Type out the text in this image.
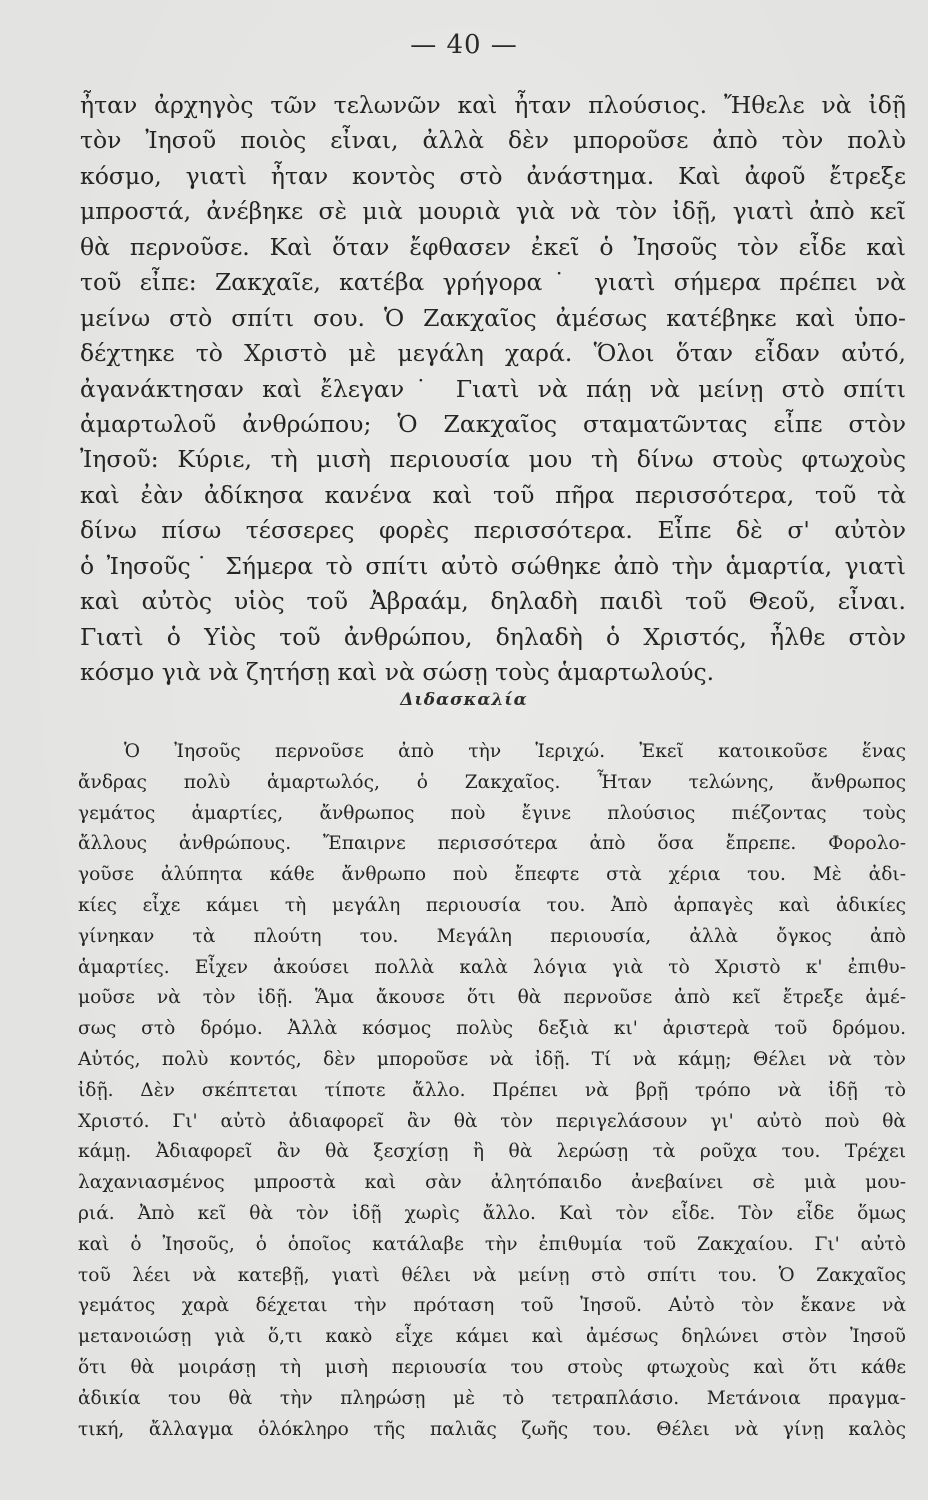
— 40 —
ἦταν ἀρχηγὸς τῶν τελωνῶν καὶ ἦταν πλούσιος. Ἤθελε νὰ ἰδῇ
τὸν Ἰησοῦ ποιὸς εἶναι, ἀλλὰ δὲν μποροῦσε ἀπὸ τὸν πολὺ
κόσμο, γιατὶ ἦταν κοντὸς στὸ ἀνάστημα. Καὶ ἀφοῦ ἔτρεξε
μπροστά, ἀνέβηκε σὲ μιὰ μουριὰ γιὰ νὰ τὸν ἰδῇ, γιατὶ ἀπὸ κεῖ
θὰ περνοῦσε. Καὶ ὅταν ἔφθασεν ἐκεῖ ὁ Ἰησοῦς τὸν εἶδε καὶ
τοῦ εἶπε: Ζακχαῖε, κατέβα γρήγορα˙ γιατὶ σήμερα πρέπει νὰ
μείνω στὸ σπίτι σου. Ὁ Ζακχαῖος ἀμέσως κατέβηκε καὶ ὑπο-
δέχτηκε τὸ Χριστὸ μὲ μεγάλη χαρά. Ὅλοι ὅταν εἶδαν αὐτό,
ἀγανάκτησαν καὶ ἔλεγαν˙ Γιατὶ νὰ πάῃ νὰ μείνῃ στὸ σπίτι
ἁμαρτωλοῦ ἀνθρώπου; Ὁ Ζακχαῖος σταματῶντας εἶπε στὸν
Ἰησοῦ: Κύριε, τὴ μισὴ περιουσία μου τὴ δίνω στοὺς φτωχοὺς
καὶ ἐὰν ἀδίκησα κανένα καὶ τοῦ πῆρα περισσότερα, τοῦ τὰ
δίνω πίσω τέσσερες φορὲς περισσότερα. Εἶπε δὲ σ' αὐτὸν
ὁ Ἰησοῦς˙ Σήμερα τὸ σπίτι αὐτὸ σώθηκε ἀπὸ τὴν ἁμαρτία, γιατὶ
καὶ αὐτὸς υἱὸς τοῦ Ἀβραάμ, δηλαδὴ παιδὶ τοῦ Θεοῦ, εἶναι.
Γιατὶ ὁ Υἱὸς τοῦ ἀνθρώπου, δηλαδὴ ὁ Χριστός, ἦλθε στὸν
κόσμο γιὰ νὰ ζητήσῃ καὶ νὰ σώσῃ τοὺς ἁμαρτωλούς.
Διδασκαλία
Ὁ Ἰησοῦς περνοῦσε ἀπὸ τὴν Ἱεριχώ. Ἐκεῖ κατοικοῦσε ἕνας
ἄνδρας πολὺ ἁμαρτωλός, ὁ Ζακχαῖος. Ἦταν τελώνης, ἄνθρωπος
γεμάτος ἁμαρτίες, ἄνθρωπος ποὺ ἔγινε πλούσιος πιέζοντας τοὺς
ἄλλους ἀνθρώπους. Ἔπαιρνε περισσότερα ἀπὸ ὅσα ἔπρεπε. Φορολο-
γοῦσε ἀλύπητα κάθε ἄνθρωπο ποὺ ἔπεφτε στὰ χέρια του. Μὲ ἀδι-
κίες εἶχε κάμει τὴ μεγάλη περιουσία του. Ἀπὸ ἁρπαγὲς καὶ ἀδικίες
γίνηκαν τὰ πλούτη του. Μεγάλη περιουσία, ἀλλὰ ὄγκος ἀπὸ
ἁμαρτίες. Εἶχεν ἀκούσει πολλὰ καλὰ λόγια γιὰ τὸ Χριστὸ κ' ἐπιθυ-
μοῦσε νὰ τὸν ἰδῇ. Ἅμα ἄκουσε ὅτι θὰ περνοῦσε ἀπὸ κεῖ ἔτρεξε ἀμέ-
σως στὸ δρόμο. Ἀλλὰ κόσμος πολὺς δεξιὰ κι' ἀριστερὰ τοῦ δρόμου.
Αὐτός, πολὺ κοντός, δὲν μποροῦσε νὰ ἰδῇ. Τί νὰ κάμῃ; Θέλει νὰ τὸν
ἰδῇ. Δὲν σκέπτεται τίποτε ἄλλο. Πρέπει νὰ βρῇ τρόπο νὰ ἰδῇ τὸ
Χριστό. Γι' αὐτὸ ἀδιαφορεῖ ἂν θὰ τὸν περιγελάσουν γι' αὐτὸ ποὺ θὰ
κάμῃ. Ἀδιαφορεῖ ἂν θὰ ξεσχίσῃ ἢ θὰ λερώσῃ τὰ ροῦχα του. Τρέχει
λαχανιασμένος μπροστὰ καὶ σὰν ἀλητόπαιδο ἀνεβαίνει σὲ μιὰ μου-
ριά. Ἀπὸ κεῖ θὰ τὸν ἰδῇ χωρὶς ἄλλο. Καὶ τὸν εἶδε. Τὸν εἶδε ὅμως
καὶ ὁ Ἰησοῦς, ὁ ὁποῖος κατάλαβε τὴν ἐπιθυμία τοῦ Ζακχαίου. Γι' αὐτὸ
τοῦ λέει νὰ κατεβῇ, γιατὶ θέλει νὰ μείνῃ στὸ σπίτι του. Ὁ Ζακχαῖος
γεμάτος χαρὰ δέχεται τὴν πρόταση τοῦ Ἰησοῦ. Αὐτὸ τὸν ἔκανε νὰ
μετανοιώσῃ γιὰ ὅ,τι κακὸ εἶχε κάμει καὶ ἀμέσως δηλώνει στὸν Ἰησοῦ
ὅτι θὰ μοιράσῃ τὴ μισὴ περιουσία του στοὺς φτωχοὺς καὶ ὅτι κάθε
ἀδικία του θὰ τὴν πληρώσῃ μὲ τὸ τετραπλάσιο. Μετάνοια πραγμα-
τική, ἄλλαγμα ὁλόκληρο τῆς παλιᾶς ζωῆς του. Θέλει νὰ γίνῃ καλὸς
